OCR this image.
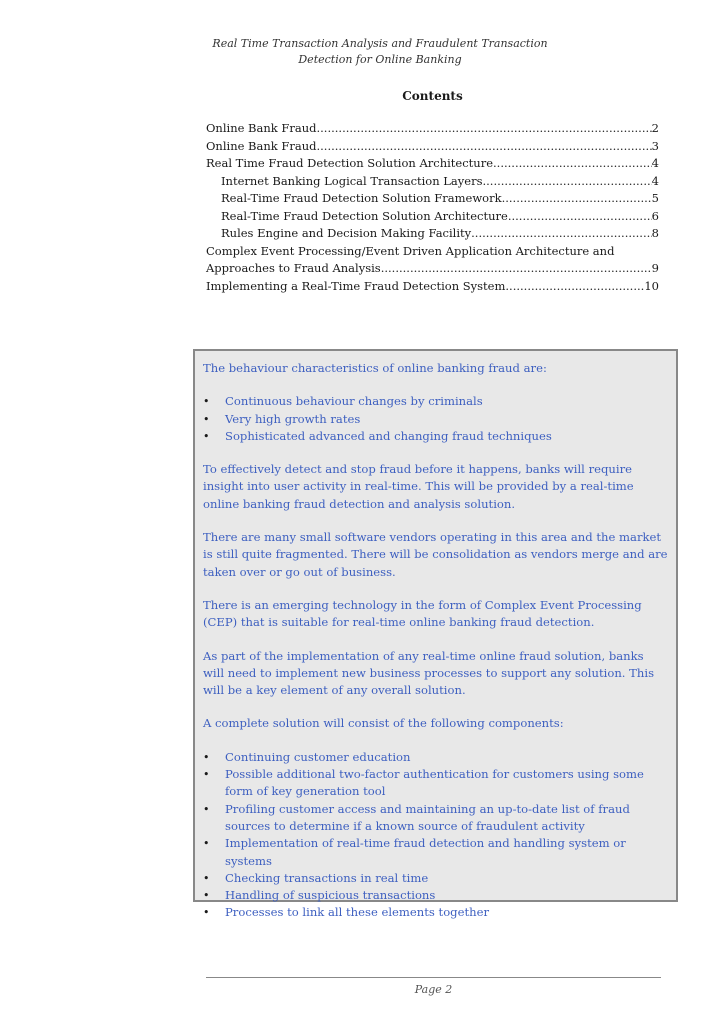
Real Time Transaction Analysis and Fraudulent Transaction
Detection for Online Banking
Contents
Online Bank Fraud .....	2
Online Bank Fraud .....	3
Real Time Fraud Detection Solution Architecture .....	4
Internet Banking Logical Transaction Layers .....	4
Real-Time Fraud Detection Solution Framework .....	5
Real-Time Fraud Detection Solution Architecture .....	6
Rules Engine and Decision Making Facility .....	8
Complex Event Processing/Event Driven Application Architecture and
Approaches to Fraud Analysis .....	9
Implementing a Real-Time Fraud Detection System .....	10

The behaviour characteristics of online banking fraud are:

• Continuous behaviour changes by criminals
• Very high growth rates
• Sophisticated advanced and changing fraud techniques

To effectively detect and stop fraud before it happens, banks will require insight into user activity in real-time. This will be provided by a real-time online banking fraud detection and analysis solution.

There are many small software vendors operating in this area and the market is still quite fragmented. There will be consolidation as vendors merge and are taken over or go out of business.

There is an emerging technology in the form of Complex Event Processing (CEP) that is suitable for real-time online banking fraud detection.

As part of the implementation of any real-time online fraud solution, banks will need to implement new business processes to support any solution. This will be a key element of any overall solution.

A complete solution will consist of the following components:

• Continuing customer education
• Possible additional two-factor authentication for customers using some form of key generation tool
• Profiling customer access and maintaining an up-to-date list of fraud sources to determine if a known source of fraudulent activity
• Implementation of real-time fraud detection and handling system or systems
• Checking transactions in real time
• Handling of suspicious transactions
• Processes to link all these elements together
Page 2
